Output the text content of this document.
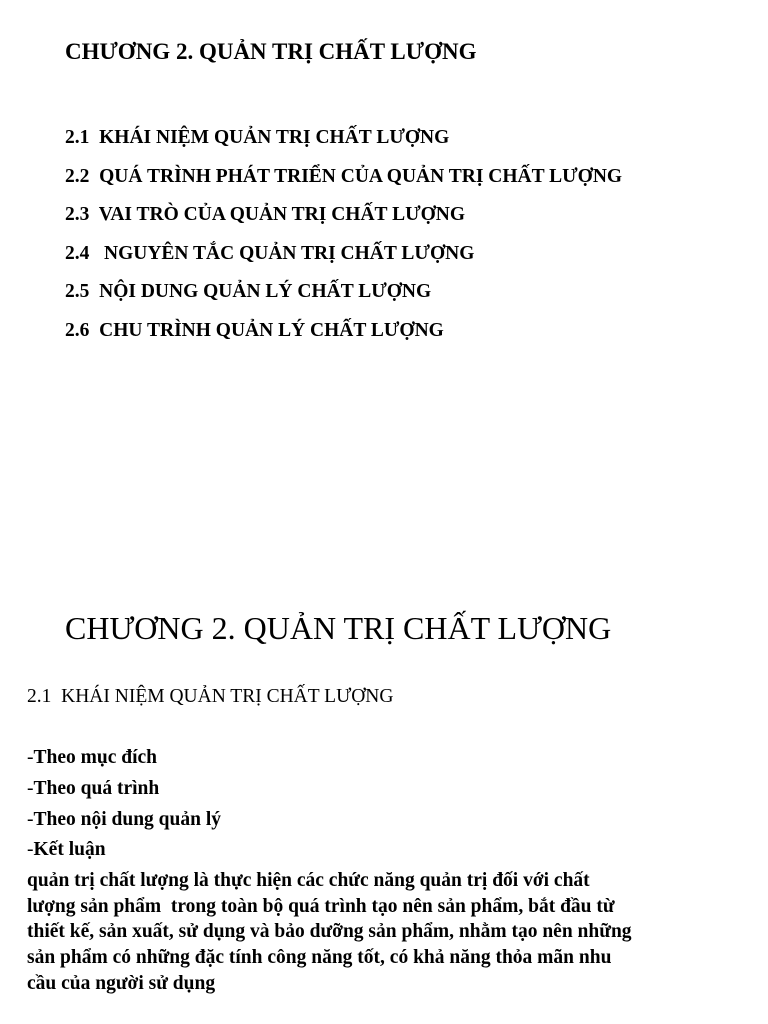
CHƯƠNG 2. QUẢN TRỊ CHẤT LƯỢNG
2.1  KHÁI NIỆM QUẢN TRỊ CHẤT LƯỢNG
2.2  QUÁ TRÌNH PHÁT TRIỂN CỦA QUẢN TRỊ CHẤT LƯỢNG
2.3  VAI TRÒ CỦA QUẢN TRỊ CHẤT LƯỢNG
2.4   NGUYÊN TẮC QUẢN TRỊ CHẤT LƯỢNG
2.5  NỘI DUNG QUẢN LÝ CHẤT LƯỢNG
2.6  CHU TRÌNH QUẢN LÝ CHẤT LƯỢNG
CHƯƠNG 2. QUẢN TRỊ CHẤT LƯỢNG
2.1  KHÁI NIỆM QUẢN TRỊ CHẤT LƯỢNG
-Theo mục đích
-Theo quá trình
-Theo nội dung quản lý
-Kết luận
quản trị chất lượng là thực hiện các chức năng quản trị đối với chất
lượng sản phẩm  trong toàn bộ quá trình tạo nên sản phẩm, bắt đầu từ
thiết kế, sản xuất, sử dụng và bảo dưỡng sản phẩm, nhằm tạo nên những
sản phẩm có những đặc tính công năng tốt, có khả năng thỏa mãn nhu
cầu của người sử dụng
